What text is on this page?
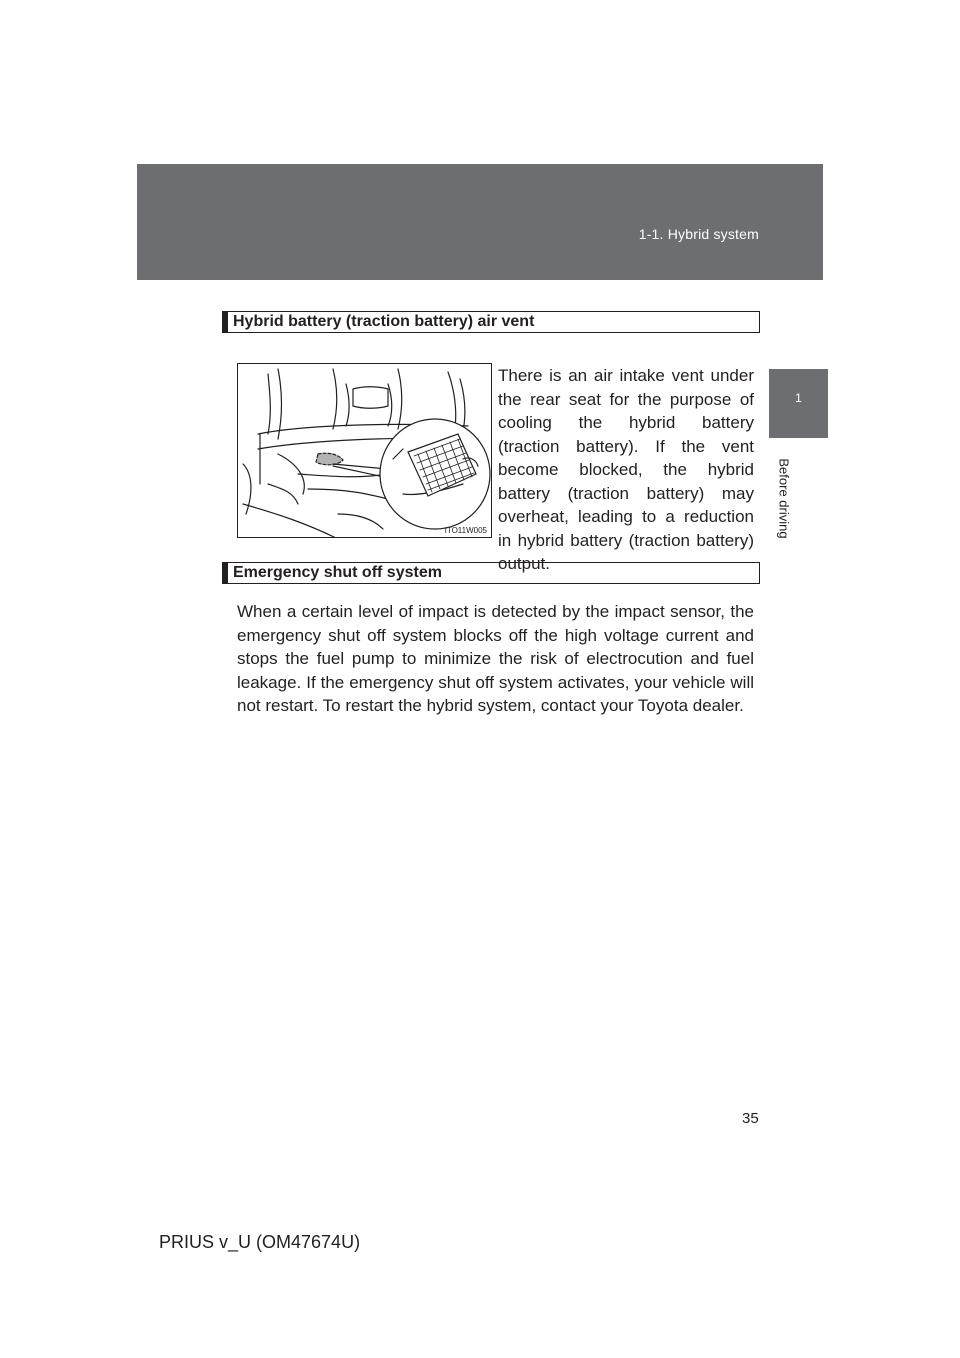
1-1. Hybrid system
1
Before driving
Hybrid battery (traction battery) air vent
ITO11W005

There is an air intake vent under the rear seat for the purpose of cooling the hybrid battery (traction battery). If the vent become blocked, the hybrid battery (traction battery) may overheat, leading to a reduction in hybrid battery (traction battery) output.

Emergency shut off system

When a certain level of impact is detected by the impact sensor, the emergency shut off system blocks off the high voltage current and stops the fuel pump to minimize the risk of electrocution and fuel leakage. If the emergency shut off system activates, your vehicle will not restart. To restart the hybrid system, contact your Toyota dealer.

35
PRIUS v_U (OM47674U)
